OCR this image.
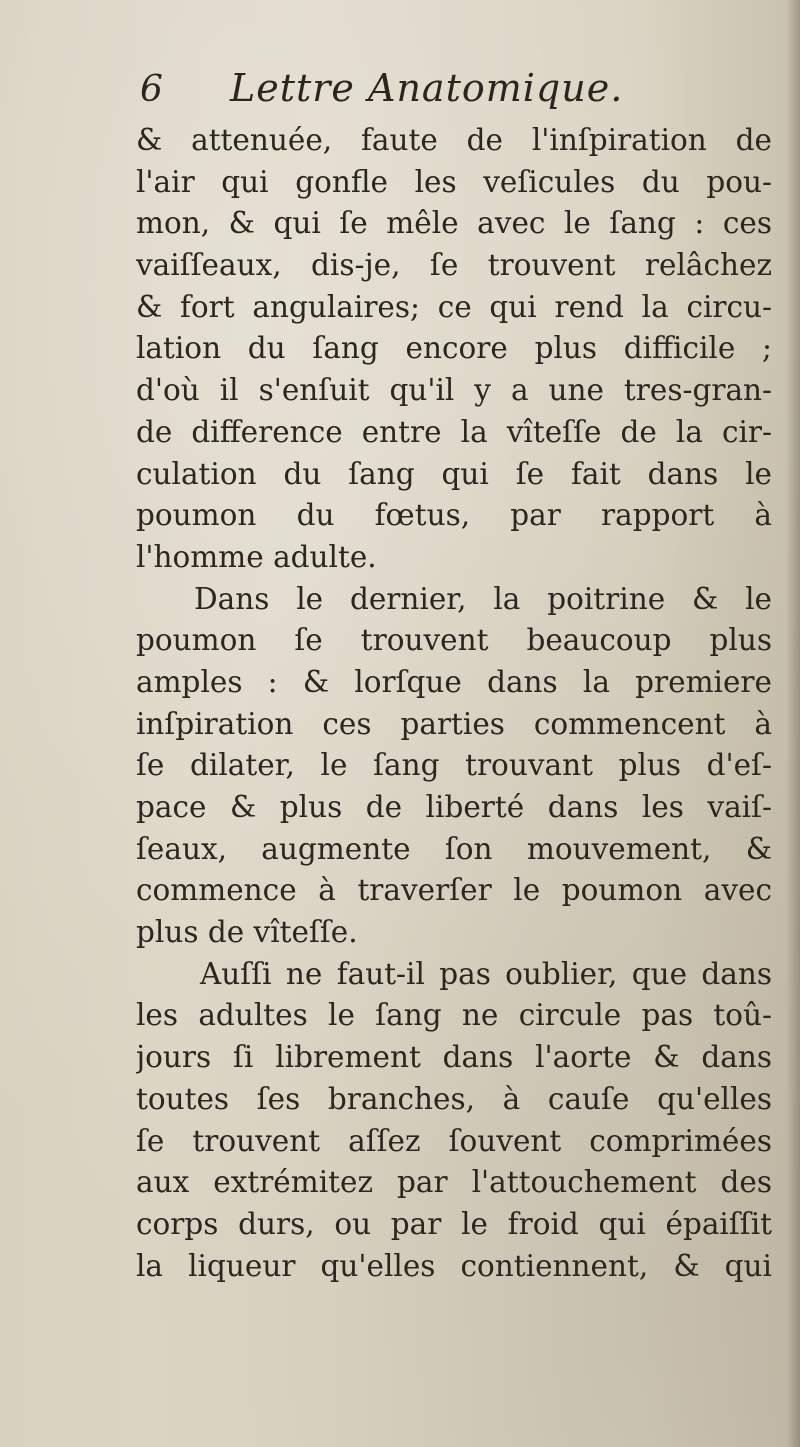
6	Lettre Anatomique.
& attenuée, faute de l'inſpiration de
l'air qui gonfle les veſicules du pou-
mon, & qui ſe mêle avec le ſang : ces
vaiſſeaux, dis-je, ſe trouvent relâchez
& fort angulaires; ce qui rend la circu-
lation du ſang encore plus difficile ;
d'où il s'enſuit qu'il y a une tres-gran-
de difference entre la vîteſſe de la cir-
culation du ſang qui ſe fait dans le
poumon du fœtus, par rapport à
l'homme adulte.
Dans le dernier, la poitrine & le
poumon ſe trouvent beaucoup plus
amples : & lorſque dans la premiere
inſpiration ces parties commencent à
ſe dilater, le ſang trouvant plus d'eſ-
pace & plus de liberté dans les vaiſ-
ſeaux, augmente ſon mouvement, &
commence à traverſer le poumon avec
plus de vîteſſe.
Auſſi ne faut-il pas oublier, que dans
les adultes le ſang ne circule pas toû-
jours ſi librement dans l'aorte & dans
toutes ſes branches, à cauſe qu'elles
ſe trouvent aſſez ſouvent comprimées
aux extrémitez par l'attouchement des
corps durs, ou par le froid qui épaiſſit
la liqueur qu'elles contiennent, & qui
